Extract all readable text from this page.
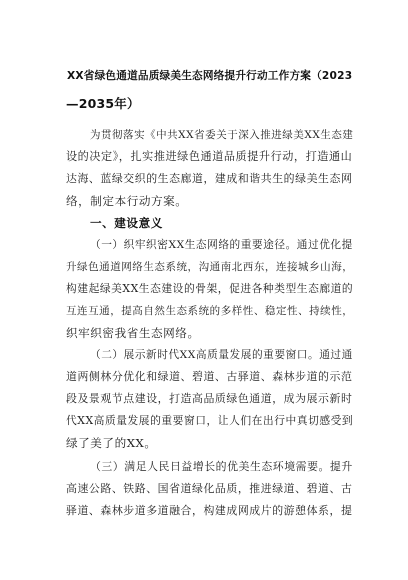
XX省绿色通道品质绿美生态网络提升行动工作方案（2023
—2035年）
为贯彻落实《中共XX省委关于深入推进绿美XX生态建
设的决定》，扎实推进绿色通道品质提升行动，打造通山
达海、蓝绿交织的生态廊道，建成和谐共生的绿美生态网
络，制定本行动方案。
一、建设意义
（一）织牢织密XX生态网络的重要途径。通过优化提
升绿色通道网络生态系统，沟通南北西东，连接城乡山海，
构建起绿美XX生态建设的骨架，促进各种类型生态廊道的
互连互通，提高自然生态系统的多样性、稳定性、持续性，
织牢织密我省生态网络。
（二）展示新时代XX高质量发展的重要窗口。通过通
道两侧林分优化和绿道、碧道、古驿道、森林步道的示范
段及景观节点建设，打造高品质绿色通道，成为展示新时
代XX高质量发展的重要窗口，让人们在出行中真切感受到
绿了美了的XX。
（三）满足人民日益增长的优美生态环境需要。提升
高速公路、铁路、国省道绿化品质，推进绿道、碧道、古
驿道、森林步道多道融合，构建成网成片的游憩体系，提
